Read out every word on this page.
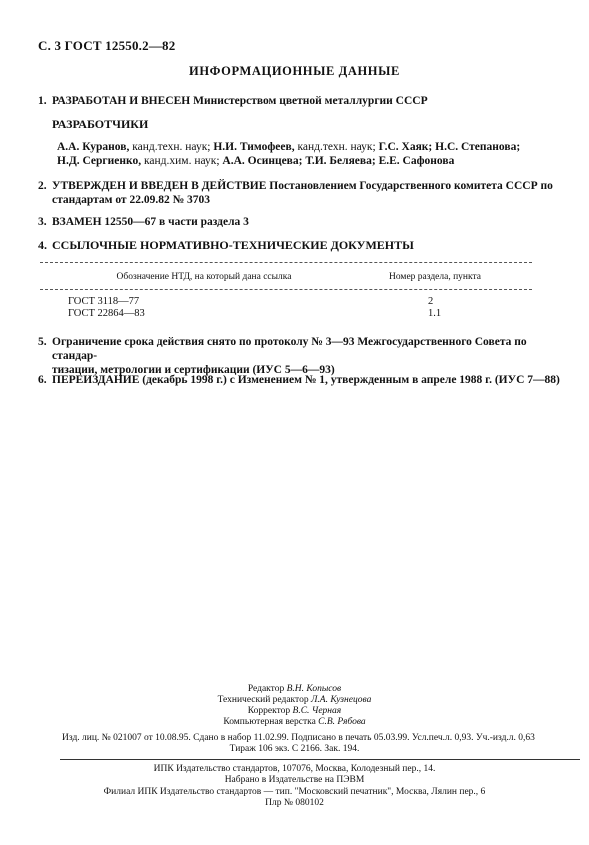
С. 3 ГОСТ 12550.2—82
ИНФОРМАЦИОННЫЕ ДАННЫЕ
1. РАЗРАБОТАН И ВНЕСЕН Министерством цветной металлургии СССР
РАЗРАБОТЧИКИ
А.А. Куранов, канд.техн. наук; Н.И. Тимофеев, канд.техн. наук; Г.С. Хаяк; Н.С. Степанова;
Н.Д. Сергиенко, канд.хим. наук; А.А. Осинцева; Т.И. Беляева; Е.Е. Сафонова
2. УТВЕРЖДЕН И ВВЕДЕН В ДЕЙСТВИЕ Постановлением Государственного комитета СССР по
стандартам от 22.09.82 № 3703
3. ВЗАМЕН 12550—67 в части раздела 3
4. ССЫЛОЧНЫЕ НОРМАТИВНО-ТЕХНИЧЕСКИЕ ДОКУМЕНТЫ
Обозначение НТД, на который дана ссылка	Номер раздела, пункта
ГОСТ 3118—77	2
ГОСТ 22864—83	1.1
5. Ограничение срока действия снято по протоколу № 3—93 Межгосударственного Совета по стандар-
тизации, метрологии и сертификации (ИУС 5—6—93)
6. ПЕРЕИЗДАНИЕ (декабрь 1998 г.) с Изменением № 1, утвержденным в апреле 1988 г. (ИУС 7—88)
Редактор В.Н. Копысов
Технический редактор Л.А. Кузнецова
Корректор В.С. Черная
Компьютерная верстка С.В. Рябова
Изд. лиц. № 021007 от 10.08.95. Сдано в набор 11.02.99. Подписано в печать 05.03.99. Усл.печ.л. 0,93. Уч.-изд.л. 0,63
Тираж 106 экз. С 2166. Зак. 194.
ИПК Издательство стандартов, 107076, Москва, Колодезный пер., 14.
Набрано в Издательстве на ПЭВМ
Филиал ИПК Издательство стандартов — тип. "Московский печатник", Москва, Лялин пер., 6
Плр № 080102
